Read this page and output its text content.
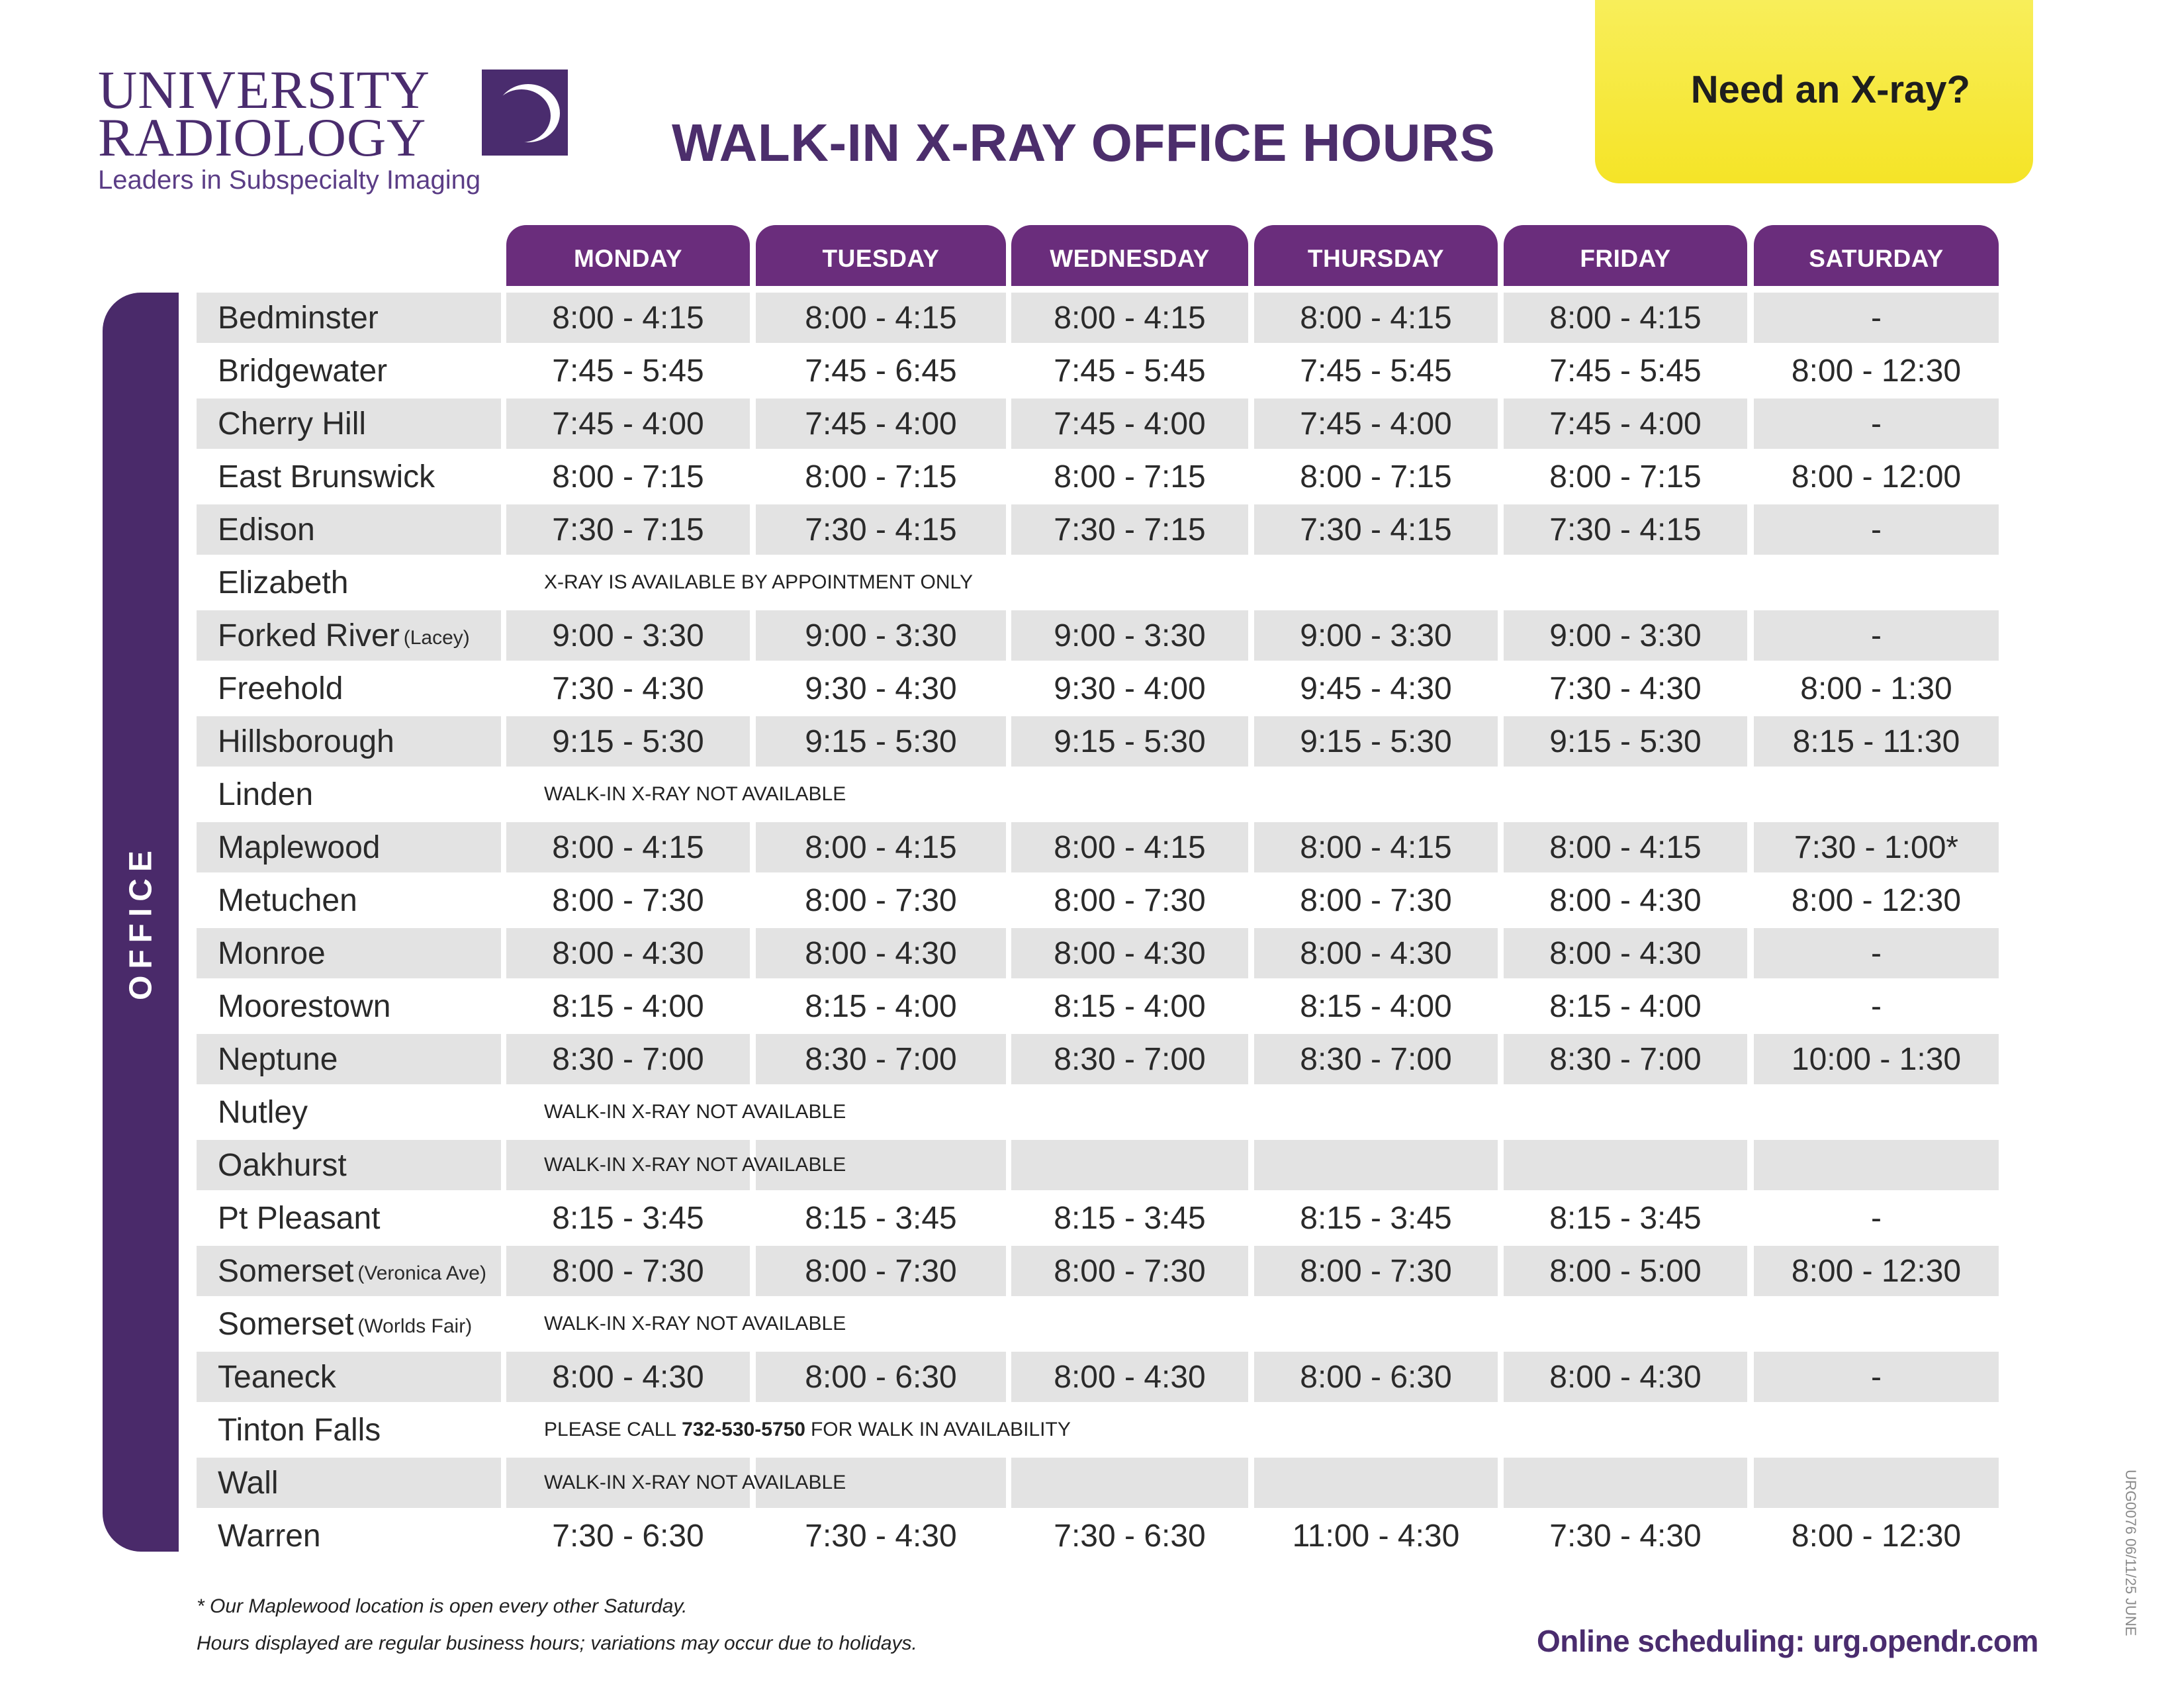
UNIVERSITY
RADIOLOGY
Leaders in Subspecialty Imaging
WALK-IN X-RAY OFFICE HOURS
Need an X-ray?
MONDAY	TUESDAY	WEDNESDAY	THURSDAY	FRIDAY	SATURDAY
OFFICE
Bedminster	8:00 - 4:15	8:00 - 4:15	8:00 - 4:15	8:00 - 4:15	8:00 - 4:15	-
Bridgewater	7:45 - 5:45	7:45 - 6:45	7:45 - 5:45	7:45 - 5:45	7:45 - 5:45	8:00 - 12:30
Cherry Hill	7:45 - 4:00	7:45 - 4:00	7:45 - 4:00	7:45 - 4:00	7:45 - 4:00	-
East Brunswick	8:00 - 7:15	8:00 - 7:15	8:00 - 7:15	8:00 - 7:15	8:00 - 7:15	8:00 - 12:00
Edison	7:30 - 7:15	7:30 - 4:15	7:30 - 7:15	7:30 - 4:15	7:30 - 4:15	-
Elizabeth	X-RAY IS AVAILABLE BY APPOINTMENT ONLY
Forked River (Lacey)	9:00 - 3:30	9:00 - 3:30	9:00 - 3:30	9:00 - 3:30	9:00 - 3:30	-
Freehold	7:30 - 4:30	9:30 - 4:30	9:30 - 4:00	9:45 - 4:30	7:30 - 4:30	8:00 - 1:30
Hillsborough	9:15 - 5:30	9:15 - 5:30	9:15 - 5:30	9:15 - 5:30	9:15 - 5:30	8:15 - 11:30
Linden	WALK-IN X-RAY NOT AVAILABLE
Maplewood	8:00 - 4:15	8:00 - 4:15	8:00 - 4:15	8:00 - 4:15	8:00 - 4:15	7:30 - 1:00*
Metuchen	8:00 - 7:30	8:00 - 7:30	8:00 - 7:30	8:00 - 7:30	8:00 - 4:30	8:00 - 12:30
Monroe	8:00 - 4:30	8:00 - 4:30	8:00 - 4:30	8:00 - 4:30	8:00 - 4:30	-
Moorestown	8:15 - 4:00	8:15 - 4:00	8:15 - 4:00	8:15 - 4:00	8:15 - 4:00	-
Neptune	8:30 - 7:00	8:30 - 7:00	8:30 - 7:00	8:30 - 7:00	8:30 - 7:00	10:00 - 1:30
Nutley	WALK-IN X-RAY NOT AVAILABLE
Oakhurst	WALK-IN X-RAY NOT AVAILABLE
Pt Pleasant	8:15 - 3:45	8:15 - 3:45	8:15 - 3:45	8:15 - 3:45	8:15 - 3:45	-
Somerset (Veronica Ave)	8:00 - 7:30	8:00 - 7:30	8:00 - 7:30	8:00 - 7:30	8:00 - 5:00	8:00 - 12:30
Somerset (Worlds Fair)	WALK-IN X-RAY NOT AVAILABLE
Teaneck	8:00 - 4:30	8:00 - 6:30	8:00 - 4:30	8:00 - 6:30	8:00 - 4:30	-
Tinton Falls	PLEASE CALL 732-530-5750 FOR WALK IN AVAILABILITY
Wall	WALK-IN X-RAY NOT AVAILABLE
Warren	7:30 - 6:30	7:30 - 4:30	7:30 - 6:30	11:00 - 4:30	7:30 - 4:30	8:00 - 12:30
* Our Maplewood location is open every other Saturday.
Hours displayed are regular business hours; variations may occur due to holidays.	Online scheduling: urg.opendr.com
URG0076 06/11/25 JUNE
